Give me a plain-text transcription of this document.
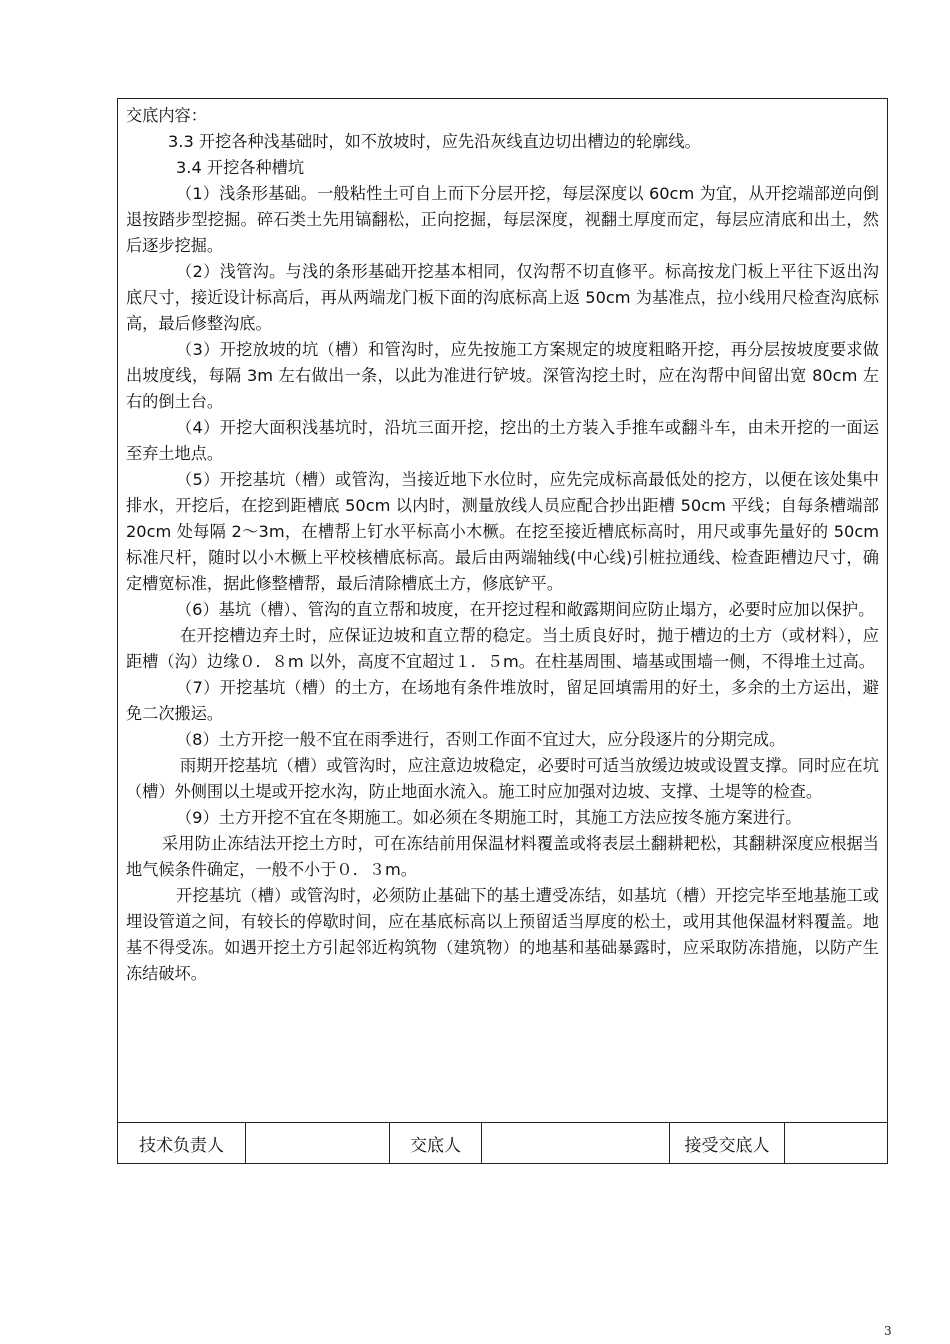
交底内容：

3.3 开挖各种浅基础时，如不放坡时，应先沿灰线直边切出槽边的轮廓线。

3.4 开挖各种槽坑

（1）浅条形基础。一般粘性土可自上而下分层开挖，每层深度以 60cm 为宜，从开挖端部逆向倒退按踏步型挖掘。碎石类土先用镐翻松，正向挖掘，每层深度，视翻土厚度而定，每层应清底和出土，然后逐步挖掘。

（2）浅管沟。与浅的条形基础开挖基本相同，仅沟帮不切直修平。标高按龙门板上平往下返出沟底尺寸，接近设计标高后，再从两端龙门板下面的沟底标高上返 50cm 为基准点，拉小线用尺检查沟底标高，最后修整沟底。

（3）开挖放坡的坑（槽）和管沟时，应先按施工方案规定的坡度粗略开挖，再分层按坡度要求做出坡度线，每隔 3m 左右做出一条，以此为准进行铲坡。深管沟挖土时，应在沟帮中间留出宽 80cm 左右的倒土台。

（4）开挖大面积浅基坑时，沿坑三面开挖，挖出的土方装入手推车或翻斗车，由未开挖的一面运至弃土地点。

（5）开挖基坑（槽）或管沟，当接近地下水位时，应先完成标高最低处的挖方，以便在该处集中排水，开挖后，在挖到距槽底 50cm 以内时，测量放线人员应配合抄出距槽 50cm 平线；自每条槽端部 20cm 处每隔 2～3m，在槽帮上钉水平标高小木橛。在挖至接近槽底标高时，用尺或事先量好的 50cm 标准尺杆，随时以小木橛上平校核槽底标高。最后由两端轴线(中心线)引桩拉通线、检查距槽边尺寸，确定槽宽标准，据此修整槽帮，最后清除槽底土方，修底铲平。

（6）基坑（槽）、管沟的直立帮和坡度，在开挖过程和敞露期间应防止塌方，必要时应加以保护。

在开挖槽边弃土时，应保证边坡和直立帮的稳定。当土质良好时，抛于槽边的土方（或材料），应距槽（沟）边缘０．８m 以外，高度不宜超过１．５m。在柱基周围、墙基或围墙一侧，不得堆土过高。

（7）开挖基坑（槽）的土方，在场地有条件堆放时，留足回填需用的好土，多余的土方运出，避免二次搬运。

（8）土方开挖一般不宜在雨季进行，否则工作面不宜过大，应分段逐片的分期完成。

雨期开挖基坑（槽）或管沟时，应注意边坡稳定，必要时可适当放缓边坡或设置支撑。同时应在坑（槽）外侧围以土堤或开挖水沟，防止地面水流入。施工时应加强对边坡、支撑、土堤等的检查。

（9）土方开挖不宜在冬期施工。如必须在冬期施工时，其施工方法应按冬施方案进行。

采用防止冻结法开挖土方时，可在冻结前用保温材料覆盖或将表层土翻耕耙松，其翻耕深度应根据当地气候条件确定，一般不小于０．３m。

开挖基坑（槽）或管沟时，必须防止基础下的基土遭受冻结，如基坑（槽）开挖完毕至地基施工或埋设管道之间，有较长的停歇时间，应在基底标高以上预留适当厚度的松土，或用其他保温材料覆盖。地基不得受冻。如遇开挖土方引起邻近构筑物（建筑物）的地基和基础暴露时，应采取防冻措施，以防产生冻结破坏。

技术负责人	交底人	接受交底人
3
